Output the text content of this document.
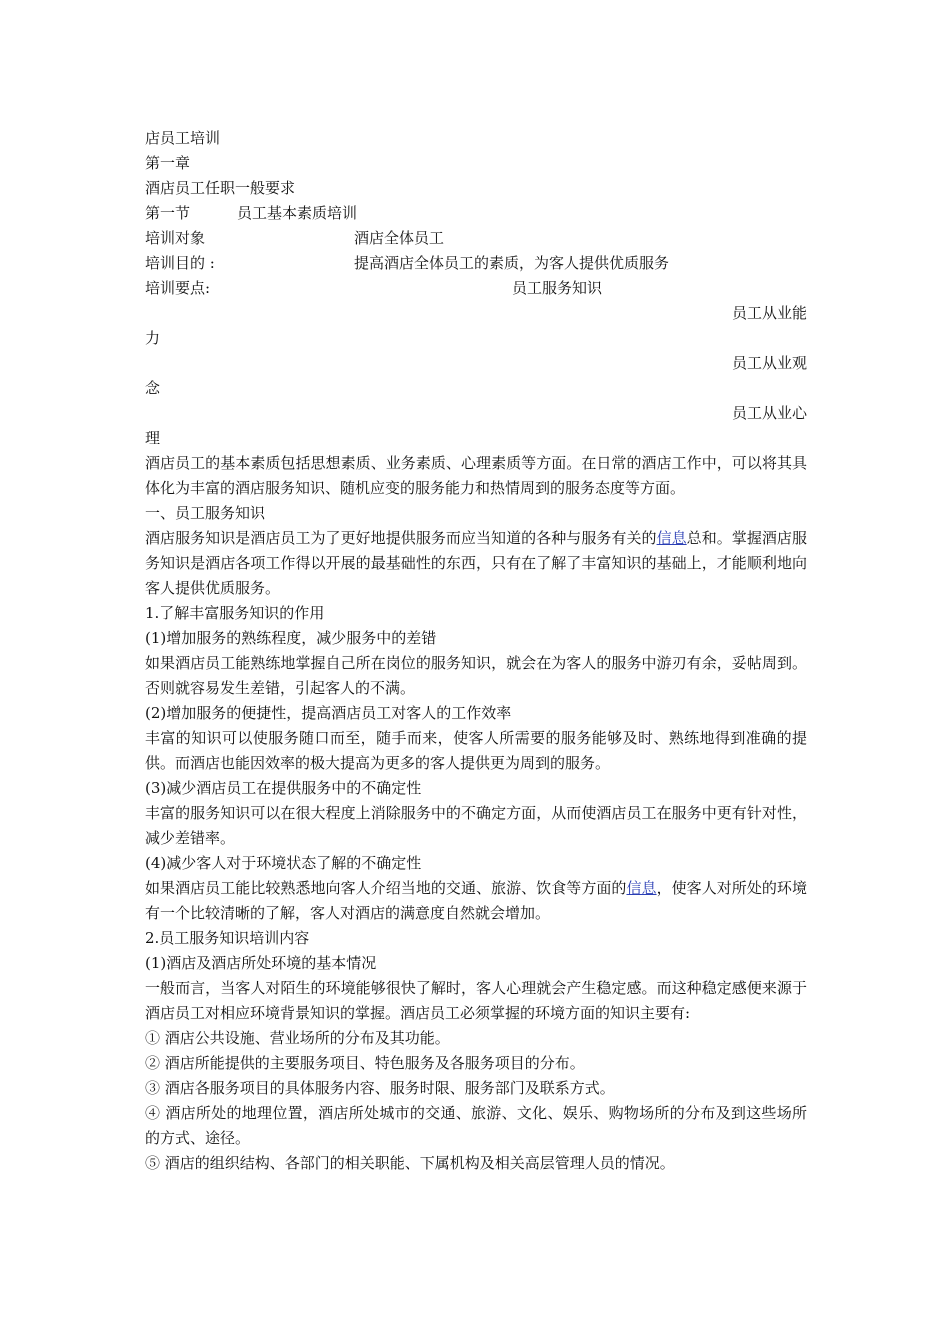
店员工培训
第一章
酒店员工任职一般要求
第一节	员工基本素质培训
培训对象	酒店全体员工
培训目的 :	提高酒店全体员工的素质，为客人提供优质服务
培训要点:	员工服务知识
员工从业能
力
员工从业观
念
员工从业心
理
酒店员工的基本素质包括思想素质、业务素质、心理素质等方面。在日常的酒店工作中，可以将其具体化为丰富的酒店服务知识、随机应变的服务能力和热情周到的服务态度等方面。
一、员工服务知识
酒店服务知识是酒店员工为了更好地提供服务而应当知道的各种与服务有关的信息总和。掌握酒店服务知识是酒店各项工作得以开展的最基础性的东西，只有在了解了丰富知识的基础上，才能顺利地向客人提供优质服务。
1.了解丰富服务知识的作用
(1)增加服务的熟练程度，减少服务中的差错
如果酒店员工能熟练地掌握自己所在岗位的服务知识，就会在为客人的服务中游刃有余，妥帖周到。否则就容易发生差错，引起客人的不满。
(2)增加服务的便捷性，提高酒店员工对客人的工作效率
丰富的知识可以使服务随口而至，随手而来，使客人所需要的服务能够及时、熟练地得到准确的提供。而酒店也能因效率的极大提高为更多的客人提供更为周到的服务。
(3)减少酒店员工在提供服务中的不确定性
丰富的服务知识可以在很大程度上消除服务中的不确定方面，从而使酒店员工在服务中更有针对性，减少差错率。
(4)减少客人对于环境状态了解的不确定性
如果酒店员工能比较熟悉地向客人介绍当地的交通、旅游、饮食等方面的信息，使客人对所处的环境有一个比较清晰的了解，客人对酒店的满意度自然就会增加。
2.员工服务知识培训内容
(1)酒店及酒店所处环境的基本情况
一般而言，当客人对陌生的环境能够很快了解时，客人心理就会产生稳定感。而这种稳定感便来源于酒店员工对相应环境背景知识的掌握。酒店员工必须掌握的环境方面的知识主要有:
① 酒店公共设施、营业场所的分布及其功能。
② 酒店所能提供的主要服务项目、特色服务及各服务项目的分布。
③ 酒店各服务项目的具体服务内容、服务时限、服务部门及联系方式。
④ 酒店所处的地理位置，酒店所处城市的交通、旅游、文化、娱乐、购物场所的分布及到这些场所的方式、途径。
⑤ 酒店的组织结构、各部门的相关职能、下属机构及相关高层管理人员的情况。
